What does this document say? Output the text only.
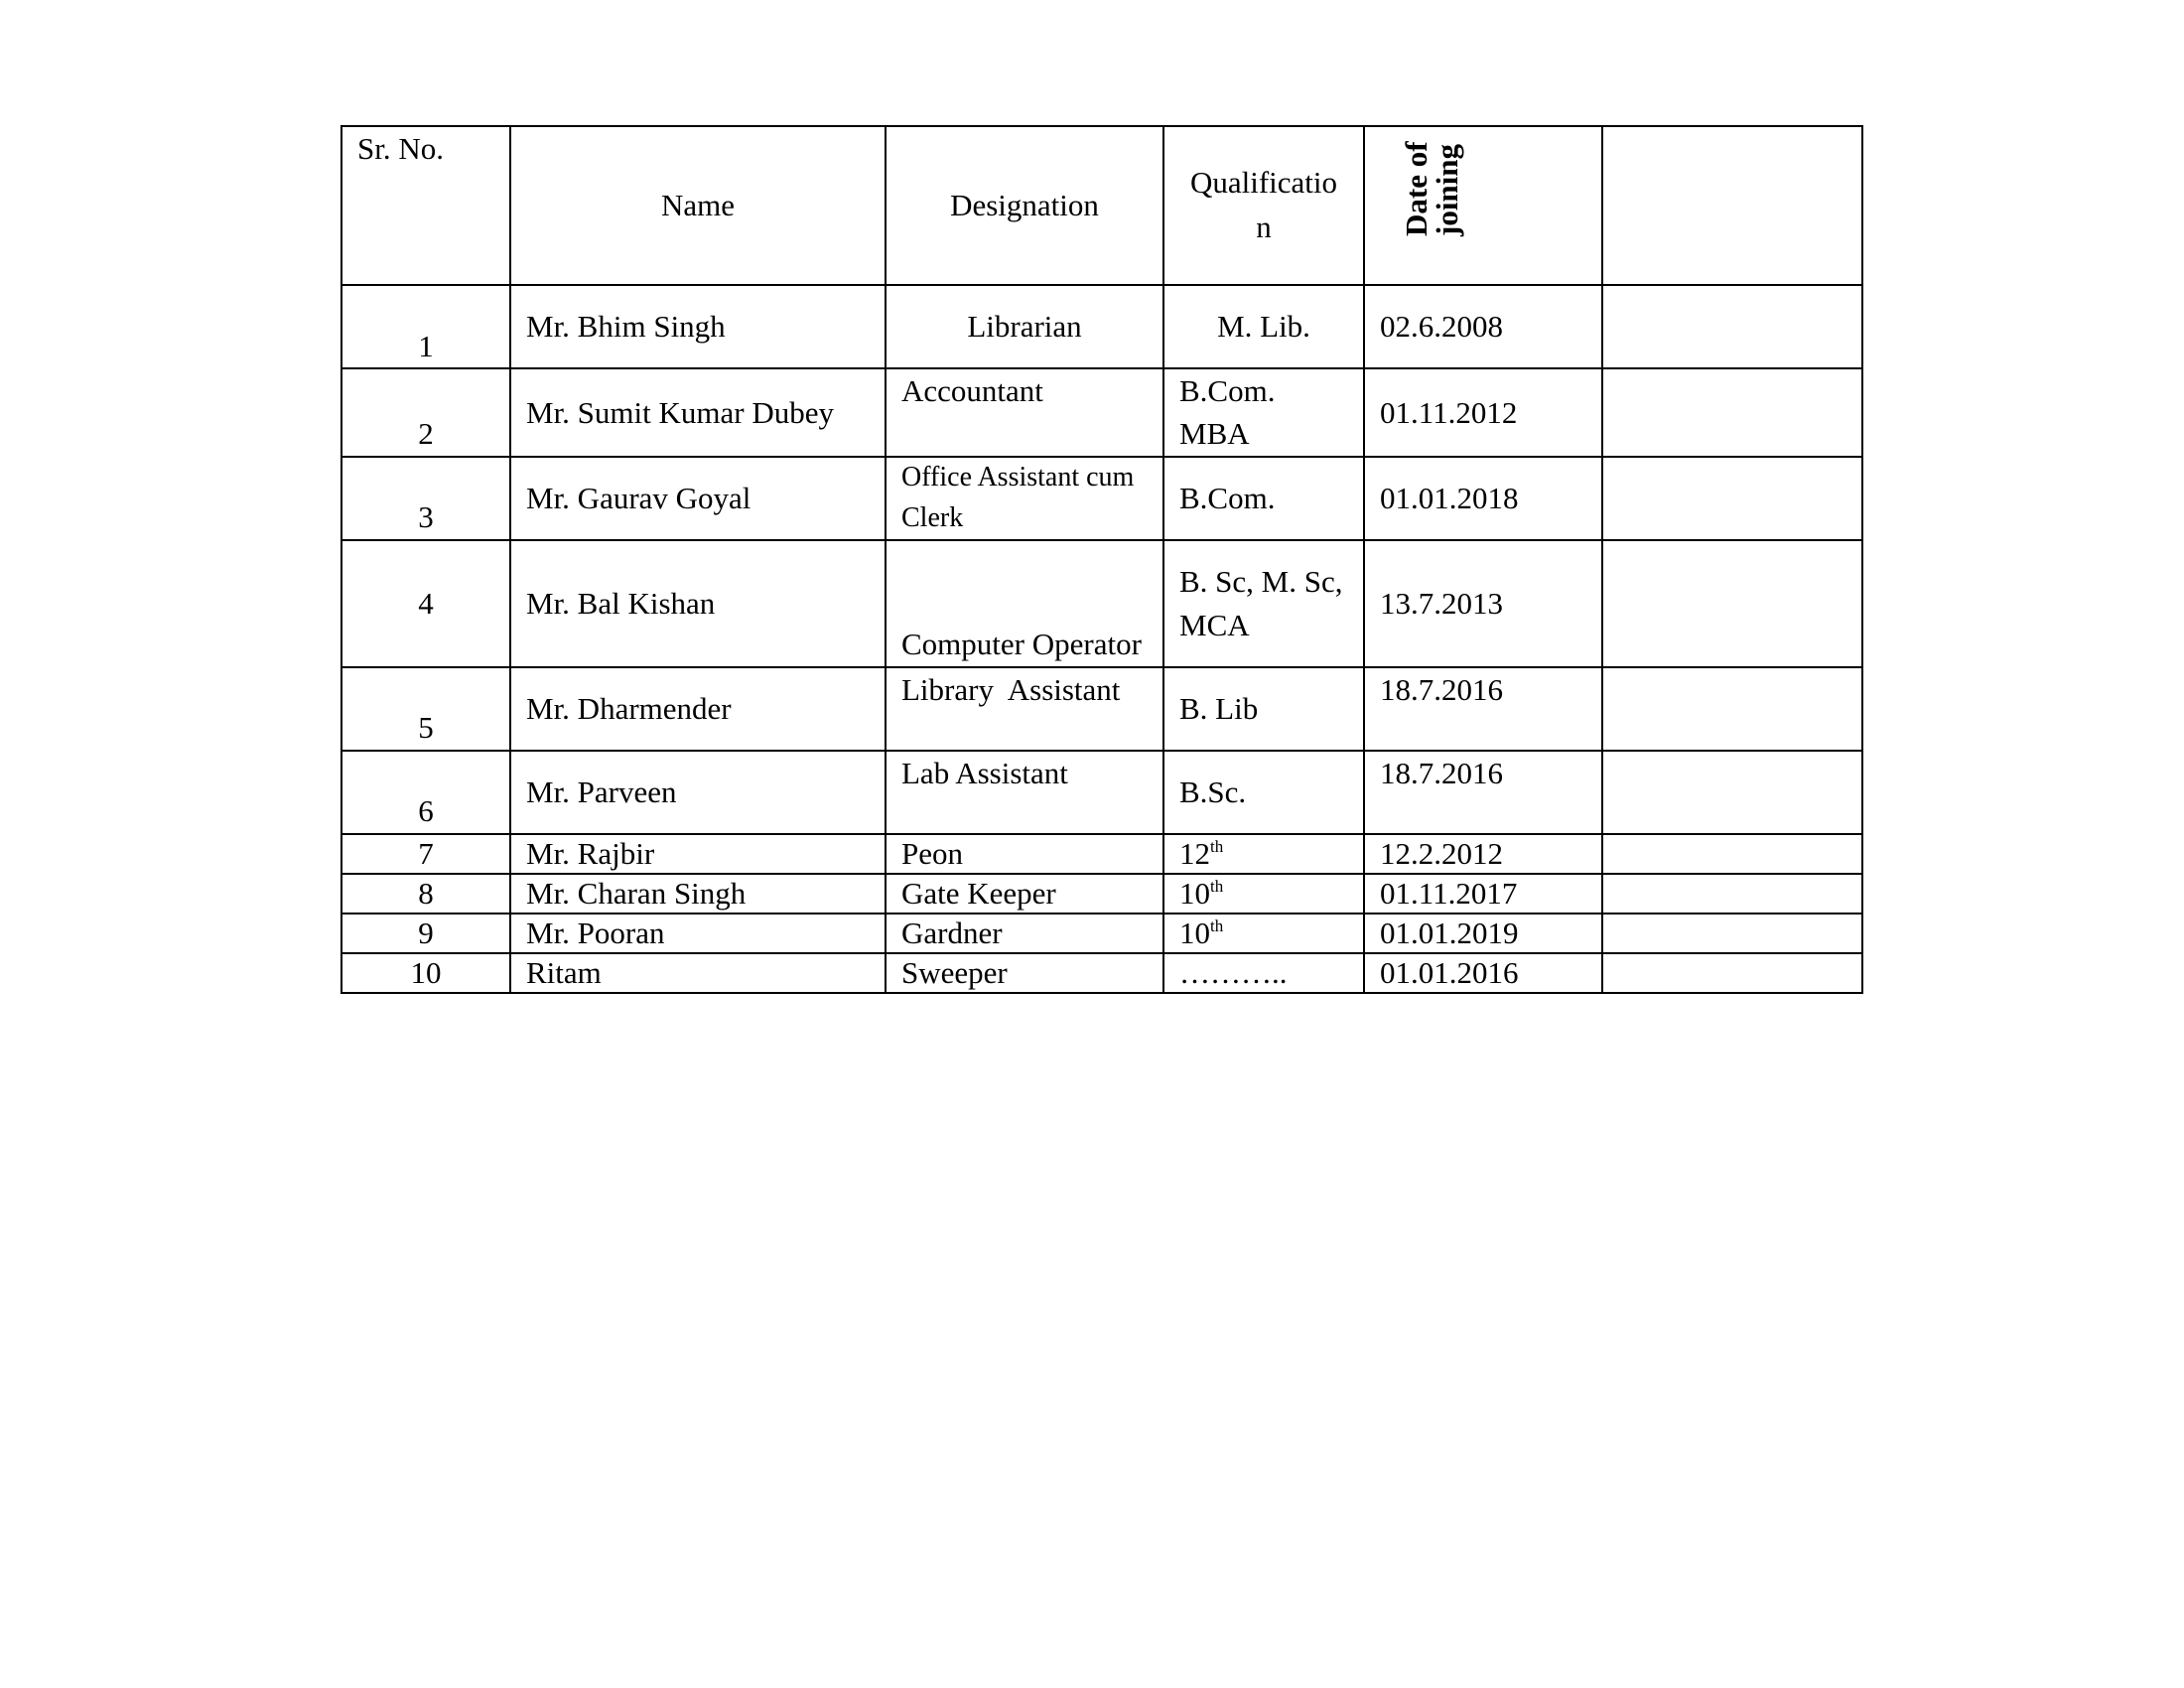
Sr. No.	Name	Designation	Qualificatio n	Date of
joining	

1	Mr. Bhim Singh	Librarian	M. Lib.	02.6.2008	
2	Mr. Sumit Kumar Dubey	Accountant	B.Com. MBA	01.11.2012	
3	Mr. Gaurav Goyal	Office Assistant cum Clerk	B.Com.	01.01.2018	
4	Mr. Bal Kishan	Computer Operator	B. Sc, M. Sc, MCA	13.7.2013	
5	Mr. Dharmender	Library  Assistant	B. Lib	18.7.2016	
6	Mr. Parveen	Lab Assistant	B.Sc.	18.7.2016	
7	Mr. Rajbir	Peon	12th	12.2.2012	
8	Mr. Charan Singh	Gate Keeper	10th	01.11.2017	
9	Mr. Pooran	Gardner	10th	01.01.2019	
10	Ritam	Sweeper	………..	01.01.2016	
